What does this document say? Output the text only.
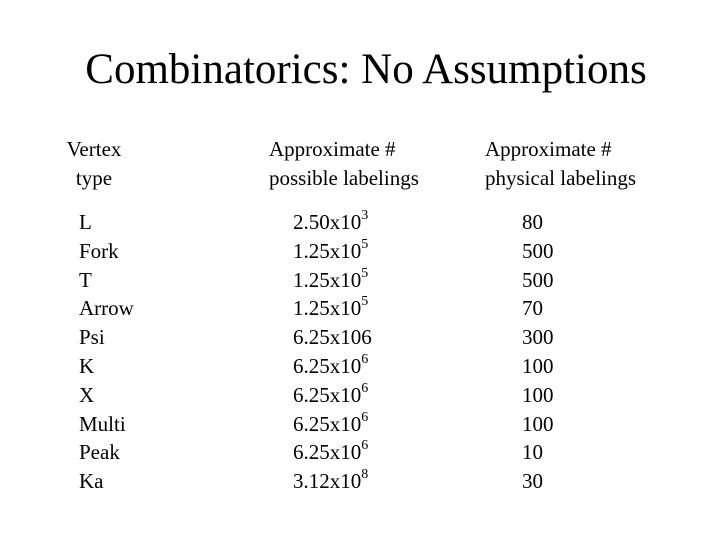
Combinatorics: No Assumptions
Vertex
type
Approximate #
possible labelings
Approximate #
physical labelings
L
Fork
T
Arrow
Psi
K
X
Multi
Peak
Ka
$2.50x10^3$
$1.25x10^5$
$1.25x10^5$
$1.25x10^5$
6.25x106
$6.25x10^6$
$6.25x10^6$
$6.25x10^6$
$6.25x10^6$
$3.12x10^8$
80
500
500
70
300
100
100
100
10
30
